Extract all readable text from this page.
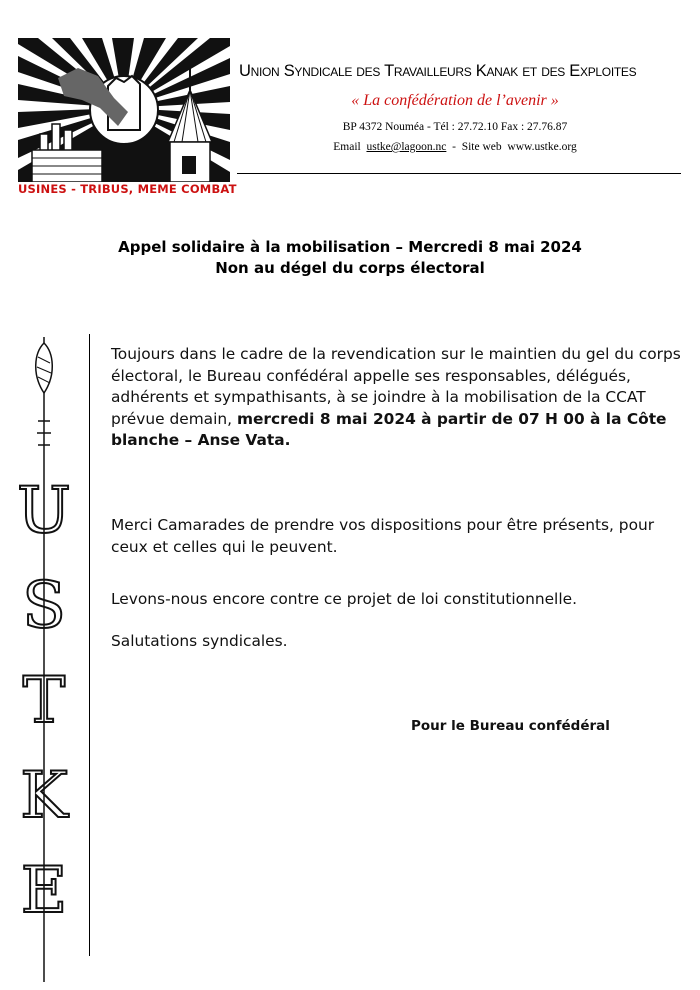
USINES - TRIBUS, MEME COMBAT
Union Syndicale des Travailleurs Kanak et des Exploites
« La confédération de l’avenir »
BP 4372 Nouméa - Tél : 27.72.10 Fax : 27.76.87
Email ustke@lagoon.nc  -  Site web www.ustke.org
Appel solidaire à la mobilisation – Mercredi 8 mai 2024
Non au dégel du corps électoral
U
S
T
K
E
Toujours dans le cadre de la revendication sur le maintien du gel du corps électoral, le Bureau confédéral appelle ses responsables, délégués, adhérents et sympathisants, à se joindre à la mobilisation de la CCAT prévue demain, mercredi 8 mai 2024 à partir de 07 H 00 à la Côte blanche – Anse Vata.
Merci Camarades de prendre vos dispositions pour être présents, pour ceux et celles qui le peuvent.
Levons-nous encore contre ce projet de loi constitutionnelle.
Salutations syndicales.
Pour le Bureau confédéral
